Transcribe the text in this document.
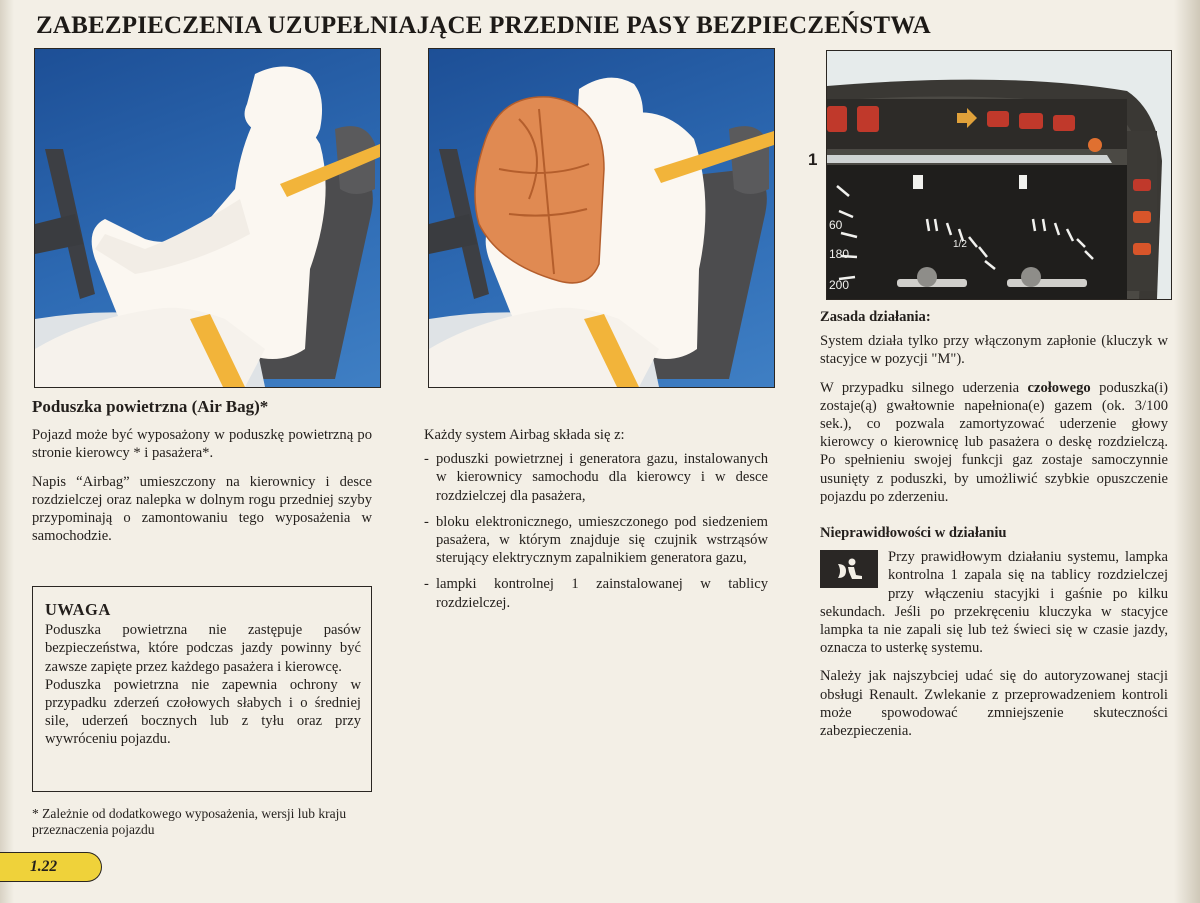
ZABEZPIECZENIA UZUPEŁNIAJĄCE PRZEDNIE PASY BEZPIECZEŃSTWA
60
180
200
1/2
1
Poduszka powietrzna (Air Bag)*

Pojazd może być wyposażony w poduszkę powietrzną po stronie kierowcy * i pasażera*.

Napis “Airbag” umieszczony na kierownicy i desce rozdzielczej oraz nalepka w dolnym rogu przedniej szyby przypominają o zamontowaniu tego wyposażenia w samochodzie.

UWAGA

Poduszka powietrzna nie zastępuje pasów bezpieczeństwa, które podczas jazdy powinny być zawsze zapięte przez każdego pasażera i kierowcę.

Poduszka powietrzna nie zapewnia ochrony w przypadku zderzeń czołowych słabych i o średniej sile, uderzeń bocznych lub z tyłu oraz przy wywróceniu pojazdu.

* Zależnie od dodatkowego wyposażenia, wersji lub kraju przeznaczenia pojazdu
1.22

Każdy system Airbag składa się z:

- poduszki powietrznej i generatora gazu, instalowanych w kierownicy samochodu dla kierowcy i w desce rozdzielczej dla pasażera,
- bloku elektronicznego, umieszczonego pod siedzeniem pasażera, w którym znajduje się czujnik wstrząsów sterujący elektrycznym zapalnikiem generatora gazu,
- lampki kontrolnej 1 zainstalowanej w tablicy rozdzielczej.
Zasada działania:

System działa tylko przy włączonym zapłonie (kluczyk w stacyjce w pozycji "M").

W przypadku silnego uderzenia czołowego poduszka(i) zostaje(ą) gwałtownie napełniona(e) gazem (ok. 3/100 sek.), co pozwala zamortyzować uderzenie głowy kierowcy o kierownicę lub pasażera o deskę rozdzielczą. Po spełnieniu swojej funkcji gaz zostaje samoczynnie usunięty z poduszki, by umożliwić szybkie opuszczenie pojazdu po zderzeniu.

Nieprawidłowości w działaniu

Przy prawidłowym działaniu systemu, lampka kontrolna 1 zapala się na tablicy rozdzielczej przy włączeniu stacyjki i gaśnie po kilku sekundach. Jeśli po przekręceniu kluczyka w stacyjce lampka ta nie zapali się lub też świeci się w czasie jazdy, oznacza to usterkę systemu.

Należy jak najszybciej udać się do autoryzowanej stacji obsługi Renault. Zwlekanie z przeprowadzeniem kontroli może spowodować zmniejszenie skuteczności zabezpieczenia.
